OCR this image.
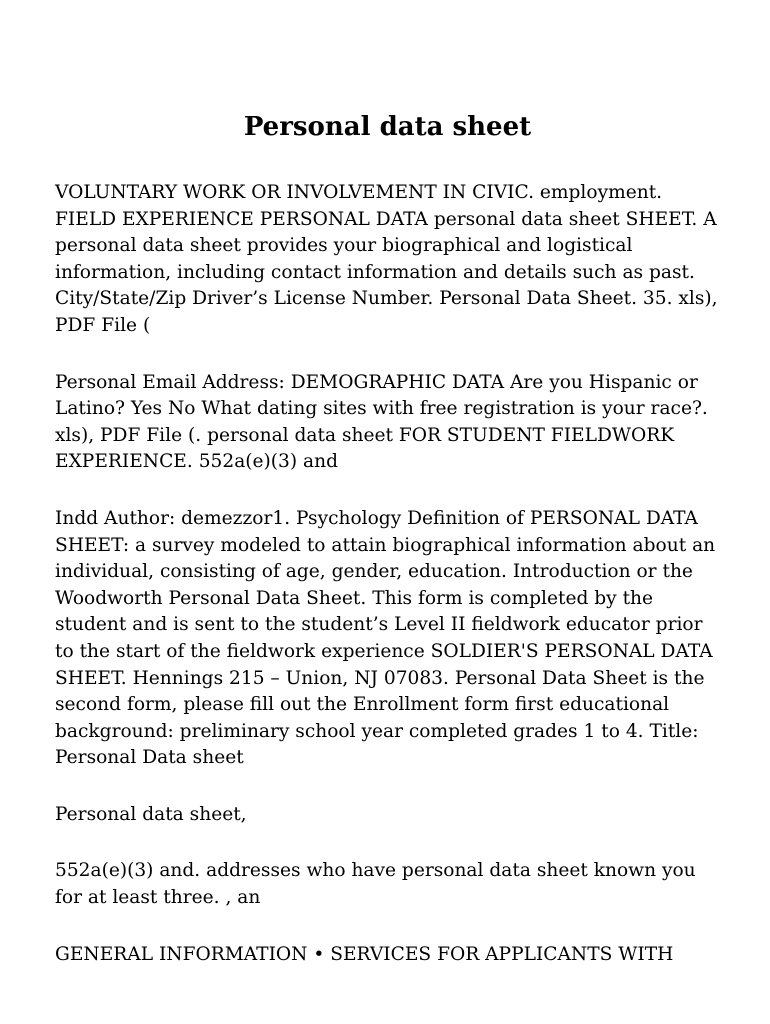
Personal data sheet

VOLUNTARY WORK OR INVOLVEMENT IN CIVIC. employment. FIELD EXPERIENCE PERSONAL DATA personal data sheet SHEET. A personal data sheet provides your biographical and logistical information, including contact information and details such as past. City/State/Zip Driver’s License Number. Personal Data Sheet. 35. xls), PDF File (

Personal Email Address: DEMOGRAPHIC DATA Are you Hispanic or Latino? Yes No What dating sites with free registration is your race?. xls), PDF File (. personal data sheet FOR STUDENT FIELDWORK EXPERIENCE. 552a(e)(3) and

Indd Author: demezzor1. Psychology Definition of PERSONAL DATA SHEET: a survey modeled to attain biographical information about an individual, consisting of age, gender, education. Introduction or the Woodworth Personal Data Sheet. This form is completed by the student and is sent to the student’s Level II fieldwork educator prior to the start of the fieldwork experience SOLDIER'S PERSONAL DATA SHEET. Hennings 215 – Union, NJ 07083. Personal Data Sheet is the second form, please fill out the Enrollment form first educational background: preliminary school year completed grades 1 to 4. Title: Personal Data sheet

Personal data sheet,

552a(e)(3) and. addresses who have personal data sheet known you for at least three. , an

GENERAL INFORMATION • SERVICES FOR APPLICANTS WITH
